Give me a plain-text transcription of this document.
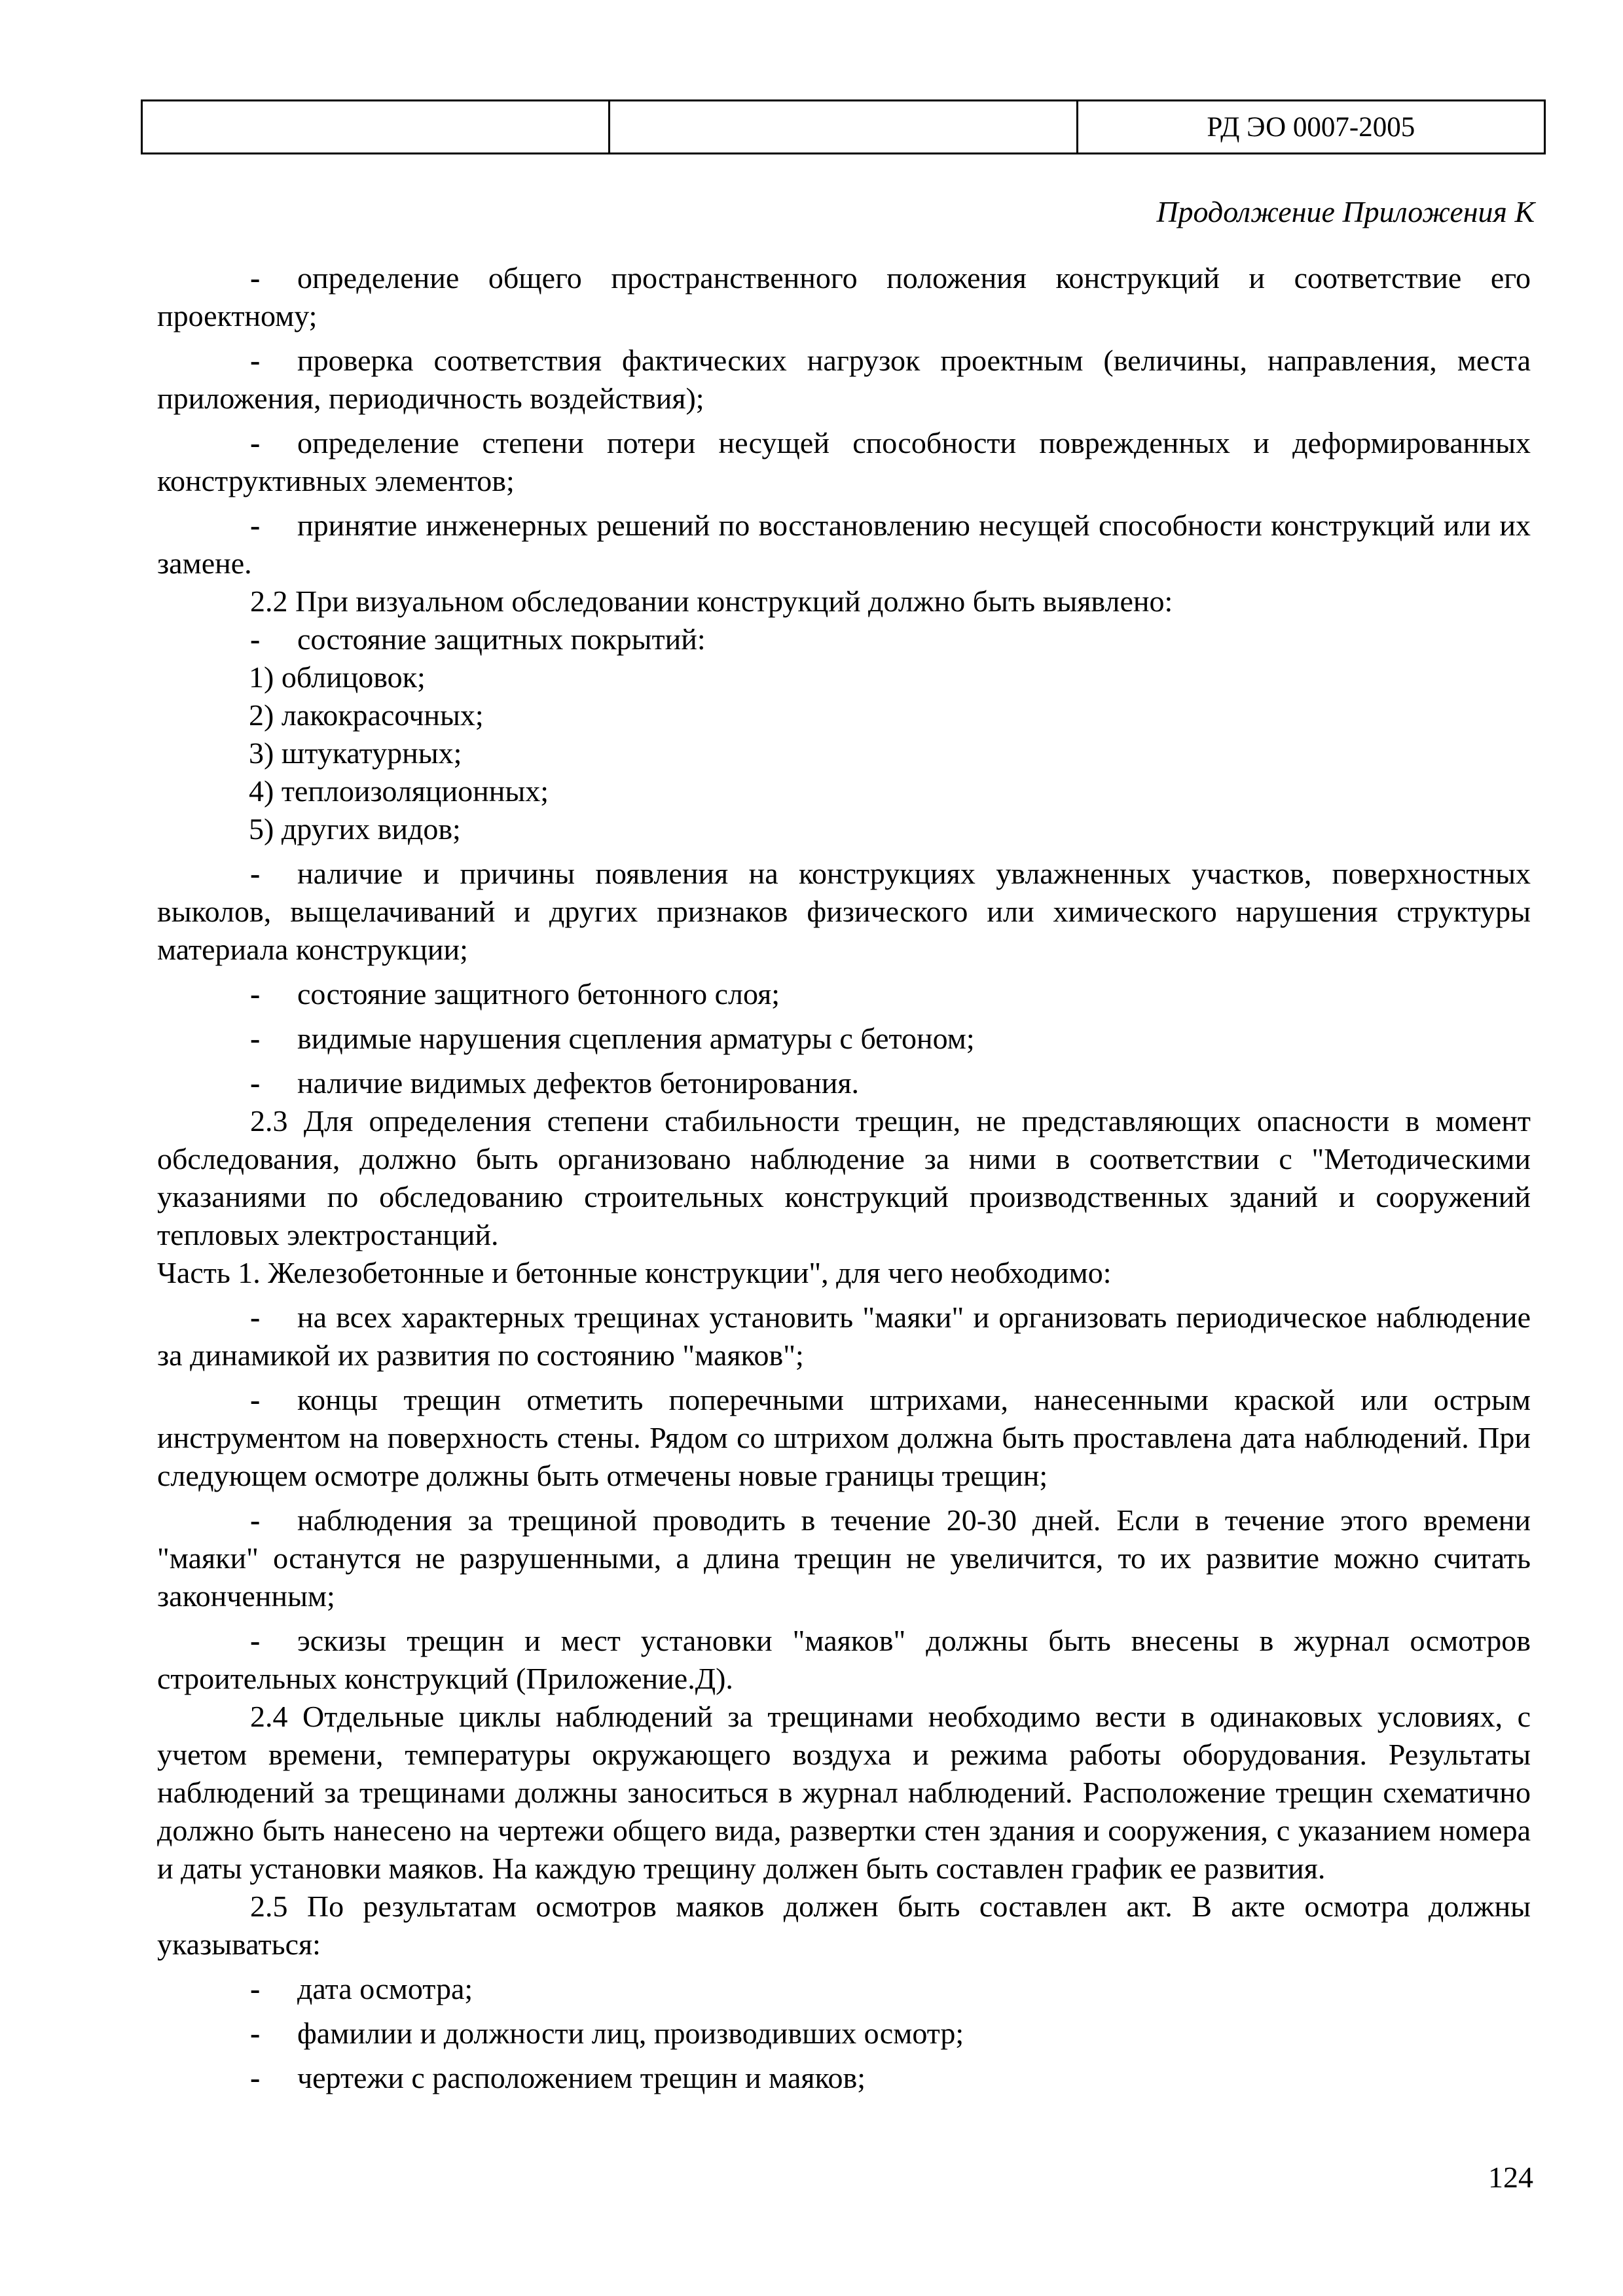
РД ЭО 0007-2005
Продолжение Приложения К

- определение общего пространственного положения конструкций и соответствие его проектному;

- проверка соответствия фактических нагрузок проектным (величины, направления, места приложения, периодичность воздействия);

- определение степени потери несущей способности поврежденных и деформированных конструктивных элементов;

- принятие инженерных решений по восстановлению несущей способности конструкций или их замене.

2.2 При визуальном обследовании конструкций должно быть выявлено:

- состояние защитных покрытий:

1) облицовок;

2) лакокрасочных;

3) штукатурных;

4) теплоизоляционных;

5) других видов;

- наличие и причины появления на конструкциях увлажненных участков, поверхностных выколов, выщелачиваний и других признаков физического или химического нарушения структуры материала конструкции;

- состояние защитного бетонного слоя;

- видимые нарушения сцепления арматуры с бетоном;

- наличие видимых дефектов бетонирования.

2.3 Для определения степени стабильности трещин, не представляющих опасности в момент обследования, должно быть организовано наблюдение за ними в соответствии с "Методическими указаниями по обследованию строительных конструкций производственных зданий и сооружений тепловых электростанций.

Часть 1. Железобетонные и бетонные конструкции", для чего необходимо:

- на всех характерных трещинах установить "маяки" и организовать периодическое наблюдение за динамикой их развития по состоянию "маяков";

- концы трещин отметить поперечными штрихами, нанесенными краской или острым инструментом на поверхность стены. Рядом со штрихом должна быть проставлена дата наблюдений. При следующем осмотре должны быть отмечены новые границы трещин;

- наблюдения за трещиной проводить в течение 20-30 дней. Если в течение этого времени "маяки" останутся не разрушенными, а длина трещин не увеличится, то их развитие можно считать законченным;

- эскизы трещин и мест установки "маяков" должны быть внесены в журнал осмотров строительных конструкций (Приложение.Д).

2.4 Отдельные циклы наблюдений за трещинами необходимо вести в одинаковых условиях, с учетом времени, температуры окружающего воздуха и режима работы оборудования. Результаты наблюдений за трещинами должны заноситься в журнал наблюдений. Расположение трещин схематично должно быть нанесено на чертежи общего вида, развертки стен здания и сооружения, с указанием номера и даты установки маяков. На каждую трещину должен быть составлен график ее развития.

2.5 По результатам осмотров маяков должен быть составлен акт. В акте осмотра должны указываться:

- дата осмотра;

- фамилии и должности лиц, производивших осмотр;

- чертежи с расположением трещин и маяков;

124
